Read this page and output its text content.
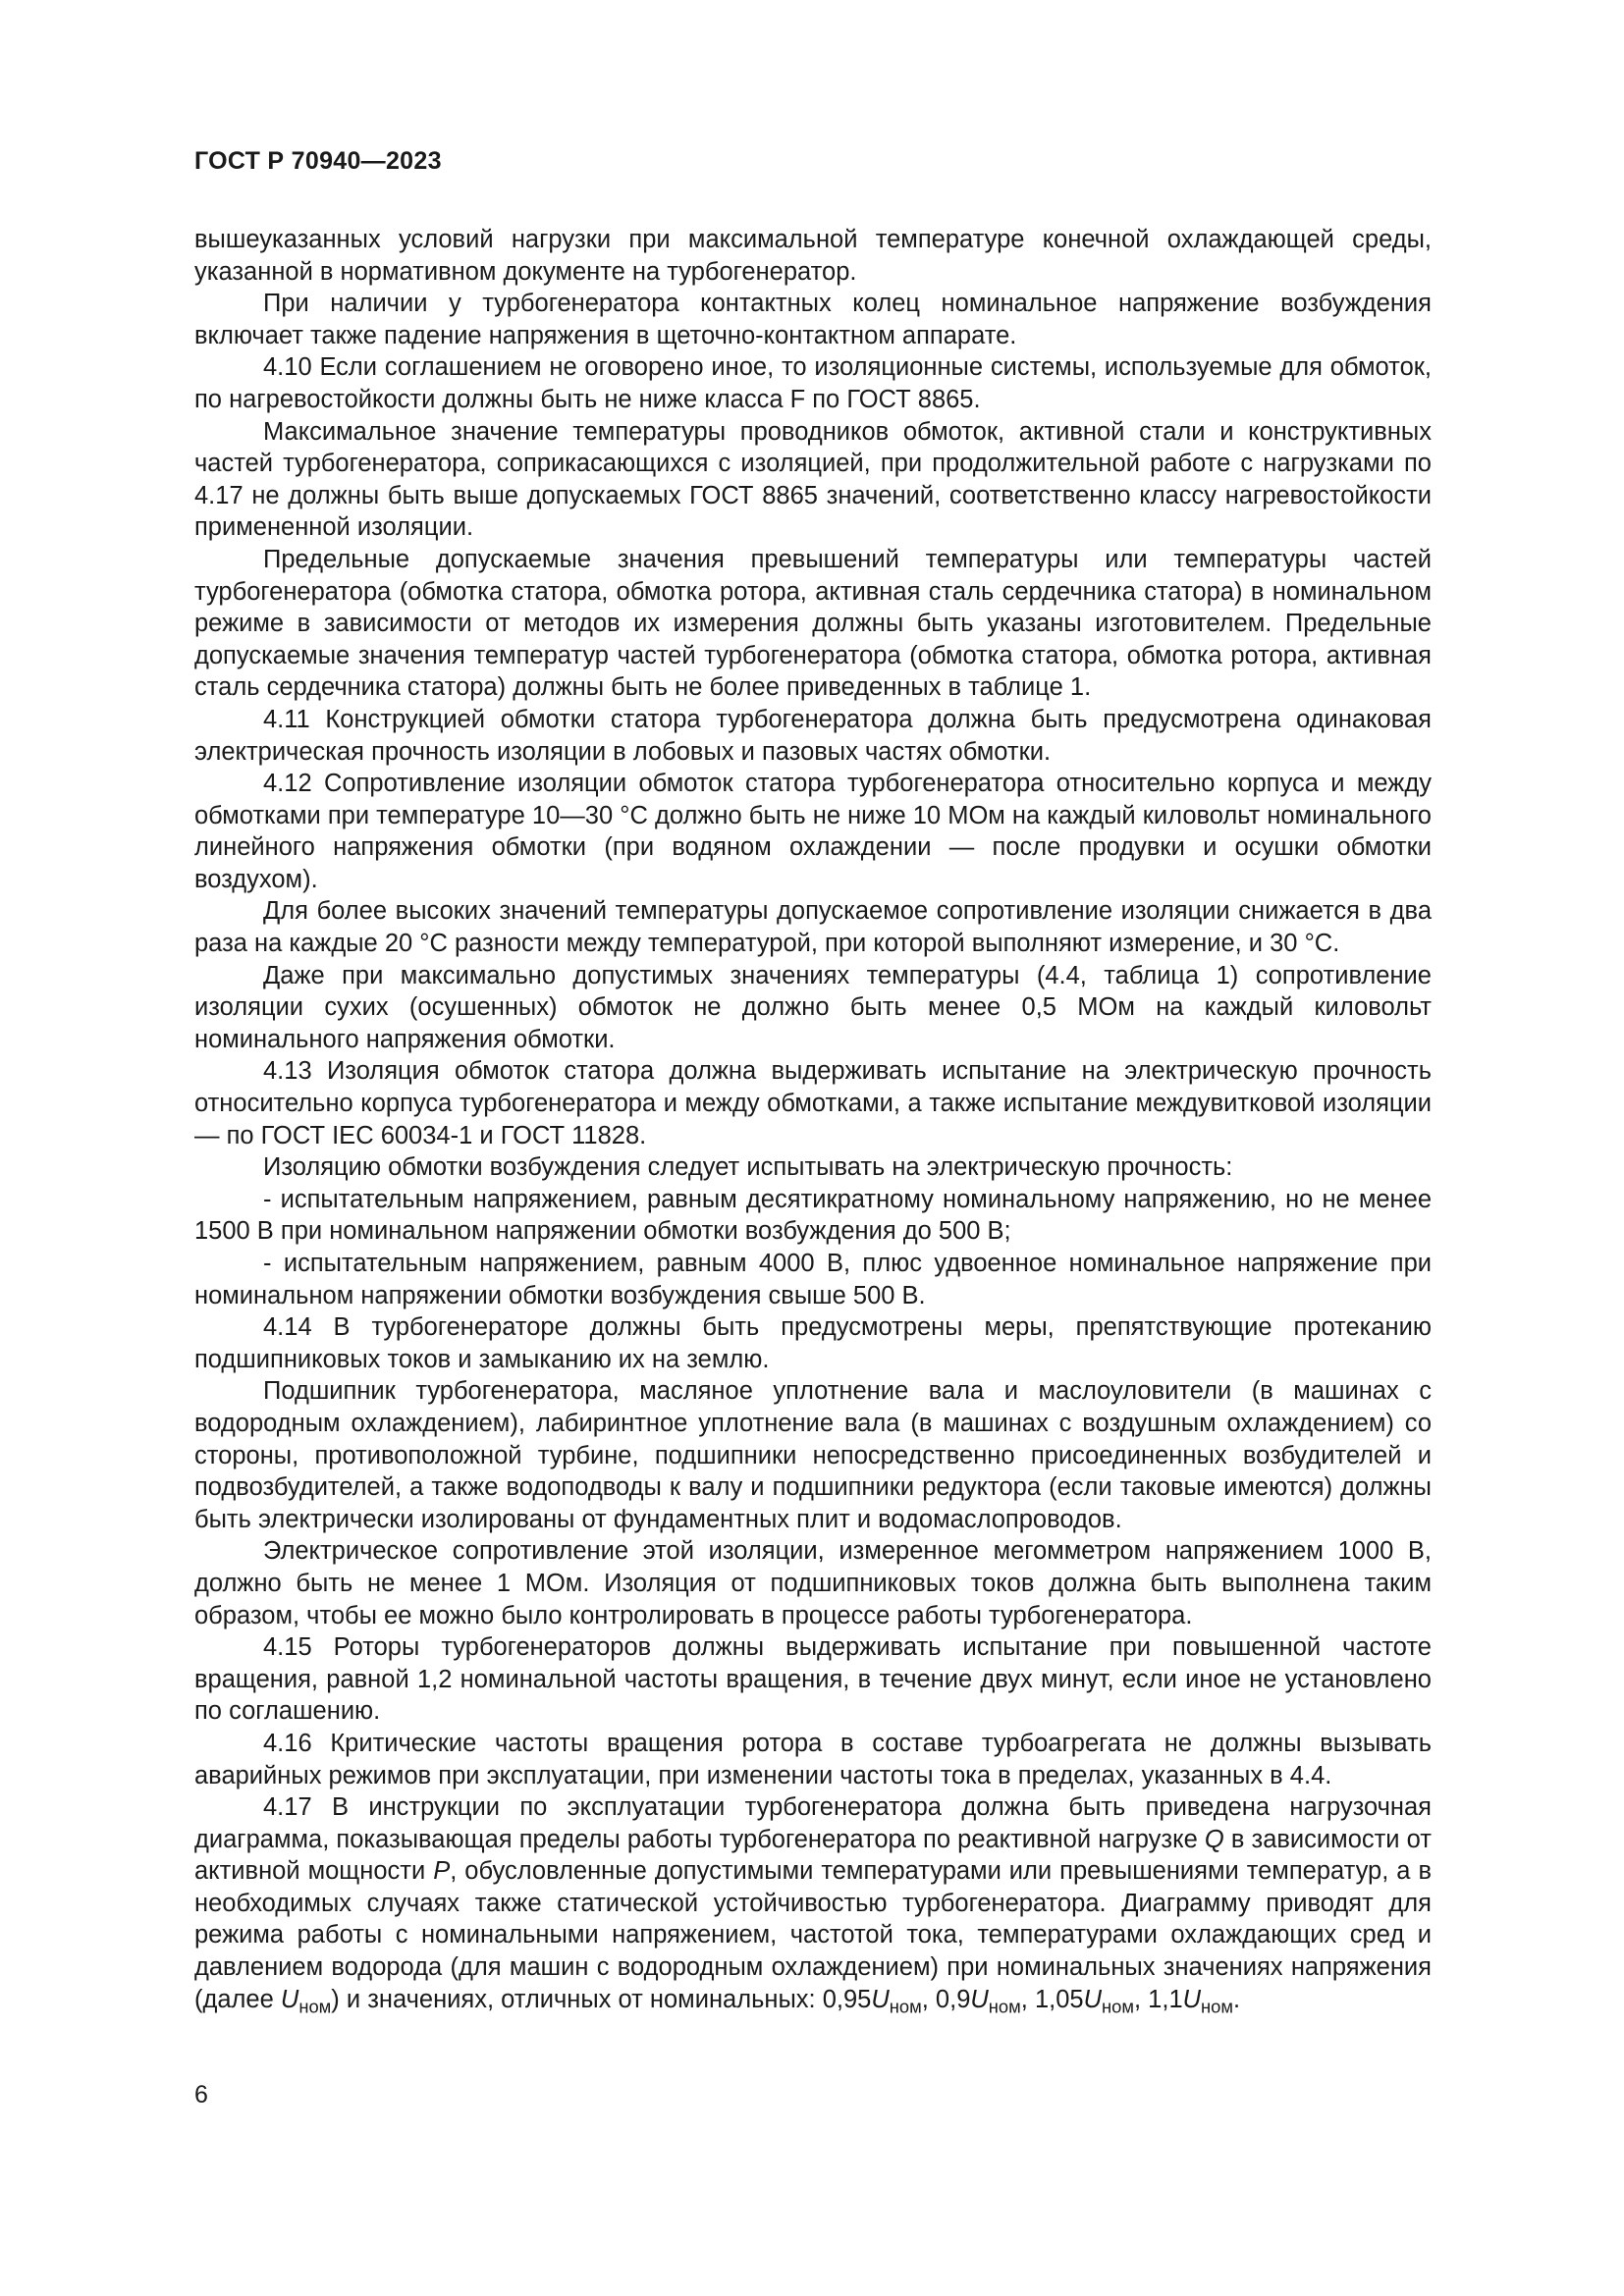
ГОСТ Р 70940—2023

вышеуказанных условий нагрузки при максимальной температуре конечной охлаждающей среды, указанной в нормативном документе на турбогенератор.

При наличии у турбогенератора контактных колец номинальное напряжение возбуждения включает также падение напряжения в щеточно-контактном аппарате.

4.10 Если соглашением не оговорено иное, то изоляционные системы, используемые для обмоток, по нагревостойкости должны быть не ниже класса F по ГОСТ 8865.

Максимальное значение температуры проводников обмоток, активной стали и конструктивных частей турбогенератора, соприкасающихся с изоляцией, при продолжительной работе с нагрузками по 4.17 не должны быть выше допускаемых ГОСТ 8865 значений, соответственно классу нагревостойкости примененной изоляции.

Предельные допускаемые значения превышений температуры или температуры частей турбогенератора (обмотка статора, обмотка ротора, активная сталь сердечника статора) в номинальном режиме в зависимости от методов их измерения должны быть указаны изготовителем. Предельные допускаемые значения температур частей турбогенератора (обмотка статора, обмотка ротора, активная сталь сердечника статора) должны быть не более приведенных в таблице 1.

4.11 Конструкцией обмотки статора турбогенератора должна быть предусмотрена одинаковая электрическая прочность изоляции в лобовых и пазовых частях обмотки.

4.12 Сопротивление изоляции обмоток статора турбогенератора относительно корпуса и между обмотками при температуре 10—30 °С должно быть не ниже 10 МОм на каждый киловольт номинального линейного напряжения обмотки (при водяном охлаждении — после продувки и осушки обмотки воздухом).

Для более высоких значений температуры допускаемое сопротивление изоляции снижается в два раза на каждые 20 °С разности между температурой, при которой выполняют измерение, и 30 °С.

Даже при максимально допустимых значениях температуры (4.4, таблица 1) сопротивление изоляции сухих (осушенных) обмоток не должно быть менее 0,5 МОм на каждый киловольт номинального напряжения обмотки.

4.13 Изоляция обмоток статора должна выдерживать испытание на электрическую прочность относительно корпуса турбогенератора и между обмотками, а также испытание междувитковой изоляции — по ГОСТ IEC 60034-1 и ГОСТ 11828.

Изоляцию обмотки возбуждения следует испытывать на электрическую прочность:

- испытательным напряжением, равным десятикратному номинальному напряжению, но не менее 1500 В при номинальном напряжении обмотки возбуждения до 500 В;

- испытательным напряжением, равным 4000 В, плюс удвоенное номинальное напряжение при номинальном напряжении обмотки возбуждения свыше 500 В.

4.14 В турбогенераторе должны быть предусмотрены меры, препятствующие протеканию подшипниковых токов и замыканию их на землю.

Подшипник турбогенератора, масляное уплотнение вала и маслоуловители (в машинах с водородным охлаждением), лабиринтное уплотнение вала (в машинах с воздушным охлаждением) со стороны, противоположной турбине, подшипники непосредственно присоединенных возбудителей и подвозбудителей, а также водоподводы к валу и подшипники редуктора (если таковые имеются) должны быть электрически изолированы от фундаментных плит и водомаслопроводов.

Электрическое сопротивление этой изоляции, измеренное мегомметром напряжением 1000 В, должно быть не менее 1 МОм. Изоляция от подшипниковых токов должна быть выполнена таким образом, чтобы ее можно было контролировать в процессе работы турбогенератора.

4.15 Роторы турбогенераторов должны выдерживать испытание при повышенной частоте вращения, равной 1,2 номинальной частоты вращения, в течение двух минут, если иное не установлено по соглашению.

4.16 Критические частоты вращения ротора в составе турбоагрегата не должны вызывать аварийных режимов при эксплуатации, при изменении частоты тока в пределах, указанных в 4.4.

4.17 В инструкции по эксплуатации турбогенератора должна быть приведена нагрузочная диаграмма, показывающая пределы работы турбогенератора по реактивной нагрузке Q в зависимости от активной мощности P, обусловленные допустимыми температурами или превышениями температур, а в необходимых случаях также статической устойчивостью турбогенератора. Диаграмму приводят для режима работы с номинальными напряжением, частотой тока, температурами охлаждающих сред и давлением водорода (для машин с водородным охлаждением) при номинальных значениях напряжения (далее $U_{ном}$) и значениях, отличных от номинальных: $0,95U_{ном}$, $0,9U_{ном}$, $1,05U_{ном}$, $1,1U_{ном}$.

6
